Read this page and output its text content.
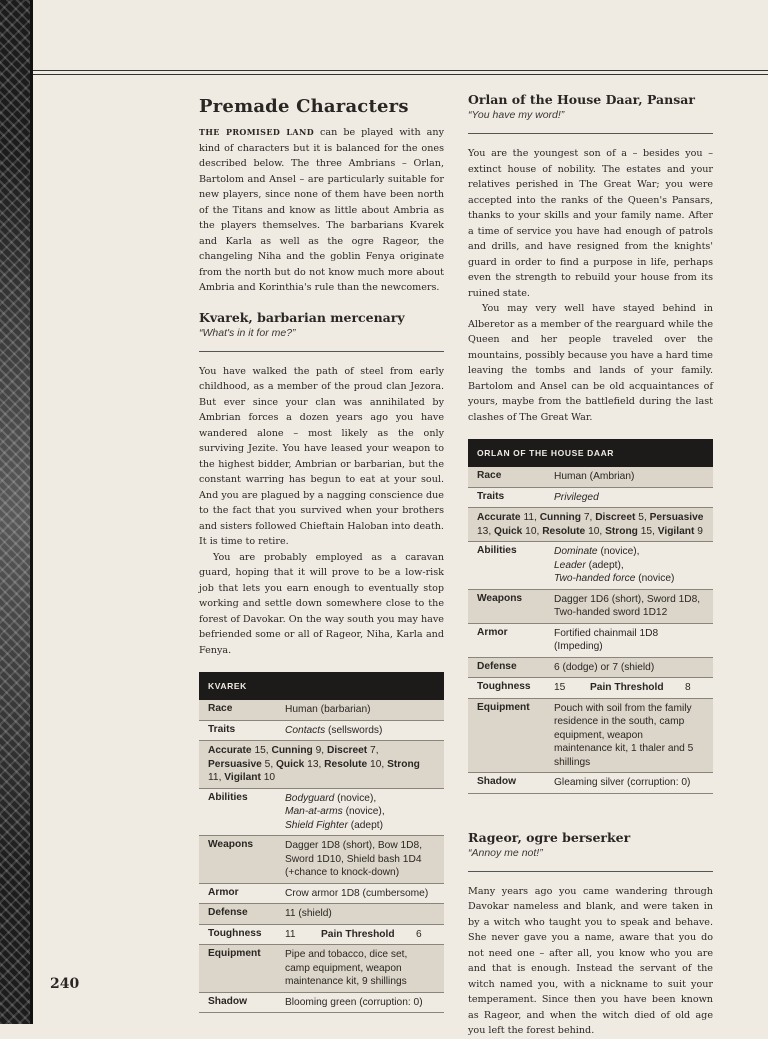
Premade Characters

THE PROMISED LAND can be played with any kind of characters but it is balanced for the ones described below. The three Ambrians – Orlan, Bartolom and Ansel – are particularly suitable for new players, since none of them have been north of the Titans and know as little about Ambria as the players themselves. The barbarians Kvarek and Karla as well as the ogre Rageor, the changeling Niha and the goblin Fenya originate from the north but do not know much more about Ambria and Korinthia's rule than the newcomers.

Kvarek, barbarian mercenary
“What's in it for me?”

You have walked the path of steel from early childhood, as a member of the proud clan Jezora. But ever since your clan was annihilated by Ambrian forces a dozen years ago you have wandered alone – most likely as the only surviving Jezite. You have leased your weapon to the highest bidder, Ambrian or barbarian, but the constant warring has begun to eat at your soul. And you are plagued by a nagging conscience due to the fact that you survived when your brothers and sisters followed Chieftain Haloban into death. It is time to retire.

You are probably employed as a caravan guard, hoping that it will prove to be a low-risk job that lets you earn enough to eventually stop working and settle down somewhere close to the forest of Davokar. On the way south you may have befriended some or all of Rageor, Niha, Karla and Fenya.

KVAREK
Race	Human (barbarian)
Traits	Contacts (sellswords)
Accurate 15, Cunning 9, Discreet 7, Persuasive 5, Quick 13, Resolute 10, Strong 11, Vigilant 10
Abilities	Bodyguard (novice),
Man-at-arms (novice),
Shield Fighter (adept)
Weapons	Dagger 1D8 (short), Bow 1D8, Sword 1D10, Shield bash 1D4 (+chance to knock-down)
Armor	Crow armor 1D8 (cumbersome)
Defense	11 (shield)
Toughness	11	Pain Threshold	6
Equipment	Pipe and tobacco, dice set, camp equipment, weapon maintenance kit, 9 shillings
Shadow	Blooming green (corruption: 0)
Orlan of the House Daar, Pansar
“You have my word!”

You are the youngest son of a – besides you – extinct house of nobility. The estates and your relatives perished in The Great War; you were accepted into the ranks of the Queen's Pansars, thanks to your skills and your family name. After a time of service you have had enough of patrols and drills, and have resigned from the knights' guard in order to find a purpose in life, perhaps even the strength to rebuild your house from its ruined state.

You may very well have stayed behind in Alberetor as a member of the rearguard while the Queen and her people traveled over the mountains, possibly because you have a hard time leaving the tombs and lands of your family. Bartolom and Ansel can be old acquaintances of yours, maybe from the battlefield during the last clashes of The Great War.

ORLAN OF THE HOUSE DAAR
Race	Human (Ambrian)
Traits	Privileged
Accurate 11, Cunning 7, Discreet 5, Persuasive 13, Quick 10, Resolute 10, Strong 15, Vigilant 9
Abilities	Dominate (novice),
Leader (adept),
Two-handed force (novice)
Weapons	Dagger 1D6 (short), Sword 1D8, Two-handed sword 1D12
Armor	Fortified chainmail 1D8 (Impeding)
Defense	6 (dodge) or 7 (shield)
Toughness	15	Pain Threshold	8
Equipment	Pouch with soil from the family residence in the south, camp equipment, weapon maintenance kit, 1 thaler and 5 shillings
Shadow	Gleaming silver (corruption: 0)
Rageor, ogre berserker
“Annoy me not!”

Many years ago you came wandering through Davokar nameless and blank, and were taken in by a witch who taught you to speak and behave. She never gave you a name, aware that you do not need one – after all, you know who you are and that is enough. Instead the servant of the witch named you, with a nickname to suit your temperament. Since then you have been known as Rageor, and when the witch died of old age you left the forest behind.

240
